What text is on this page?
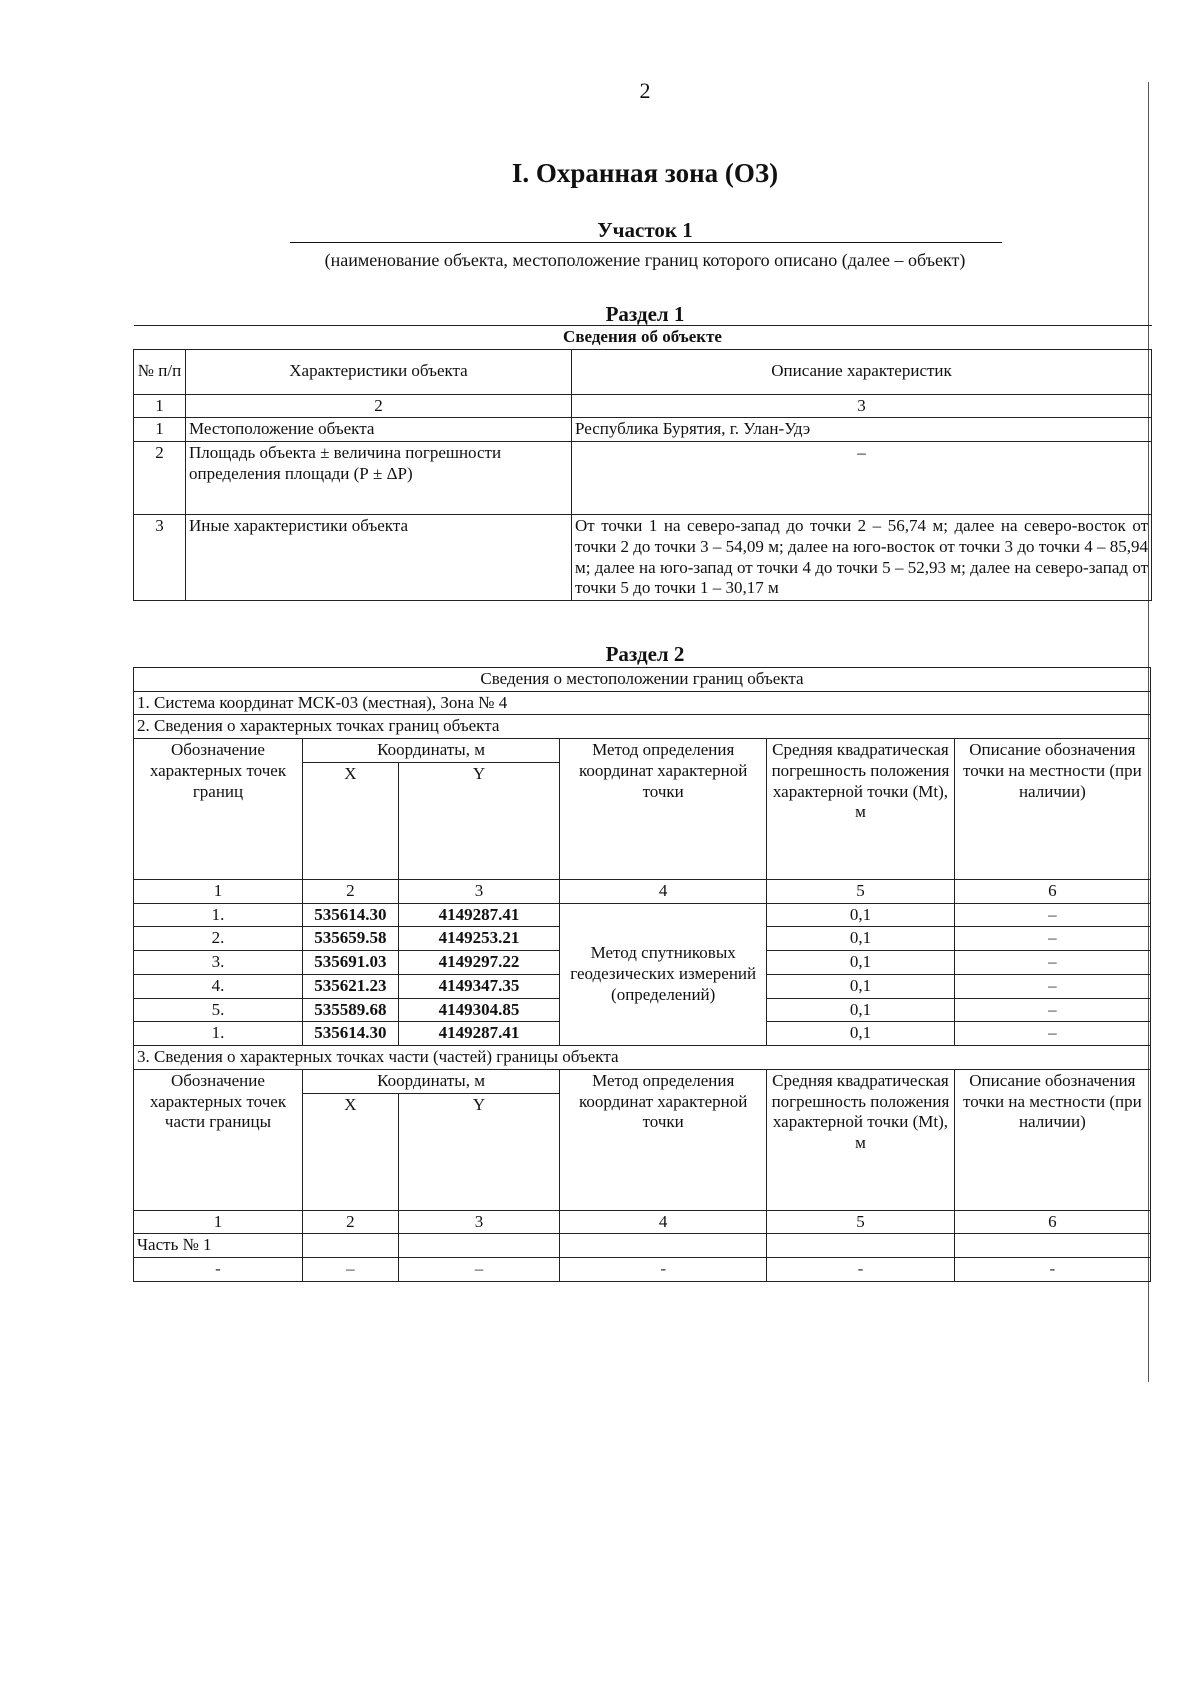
2
I. Охранная зона (ОЗ)
Участок 1
(наименование объекта, местоположение границ которого описано (далее – объект)
Раздел 1
Сведения об объекте		
№ п/п	Характеристики объекта	Описание характеристик
1	2	3
1	Местоположение объекта	Республика Бурятия, г. Улан-Удэ
2	Площадь объекта ± величина погрешности определения площади (Р ± ΔР)	–
3	Иные характеристики объекта	От точки 1 на северо-запад до точки 2 – 56,74 м; далее на северо-восток от точки 2 до точки 3 – 54,09 м; далее на юго-восток от точки 3 до точки 4 – 85,94 м; далее на юго-запад от точки 4 до точки 5 – 52,93 м; далее на северо-запад от точки 5 до точки 1 – 30,17 м
Раздел 2
Сведения о местоположении границ объекта					
1. Система координат МСК-03 (местная), Зона № 4					
2. Сведения о характерных точках границ объекта					
Обозначение характерных точек границ	Координаты, м		Метод определения координат характерной точки	Средняя квадратическая погрешность положения характерной точки (Mt), м	Описание обозначения точки на местности (при наличии)
	X	Y			
1	2	3	4	5	6
1.	535614.30	4149287.41	Метод спутниковых геодезических измерений (определений)	0,1	–
2.	535659.58	4149253.21		0,1	–
3.	535691.03	4149297.22		0,1	–
4.	535621.23	4149347.35		0,1	–
5.	535589.68	4149304.85		0,1	–
1.	535614.30	4149287.41		0,1	–
3. Сведения о характерных точках части (частей) границы объекта					
Обозначение характерных точек части границы	Координаты, м		Метод определения координат характерной точки	Средняя квадратическая погрешность положения характерной точки (Mt), м	Описание обозначения точки на местности (при наличии)
	X	Y			
1	2	3	4	5	6
Часть № 1					
-	–	–	-	-	-
